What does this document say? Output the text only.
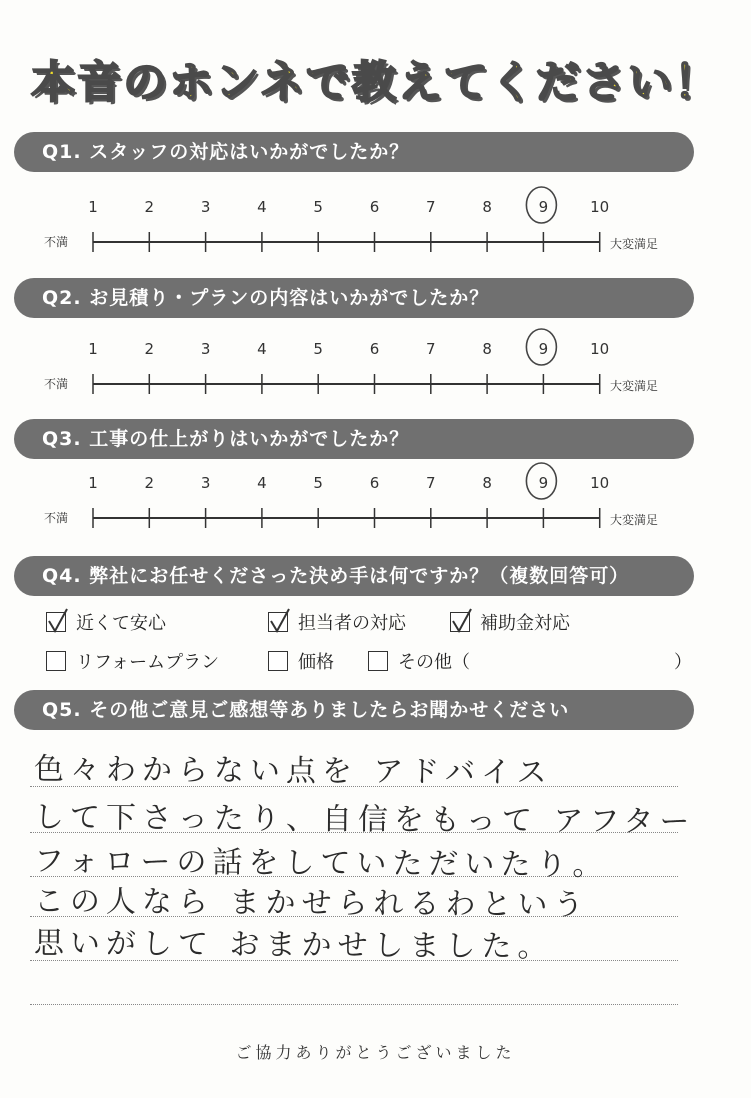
本音のホンネで教えてください！
Q1. スタッフの対応はいかがでしたか？
1	2	3	4	5	6	7	8	9	10
不満	大変満足
Q2. お見積り・プランの内容はいかがでしたか？
1	2	3	4	5	6	7	8	9	10
不満	大変満足
Q3. 工事の仕上がりはいかがでしたか？
1	2	3	4	5	6	7	8	9	10
不満	大変満足
Q4. 弊社にお任せくださった決め手は何ですか？（複数回答可）
近くて安心	担当者の対応	補助金対応
リフォームプラン	価格	その他（	）
Q5. その他ご意見ご感想等ありましたらお聞かせください
色々わからない点を アドバイス
して下さったり、自信をもって アフター
フォローの話をしていただいたり。
この人なら まかせられるわという
思いがして おまかせしました。
ご協力ありがとうございました
